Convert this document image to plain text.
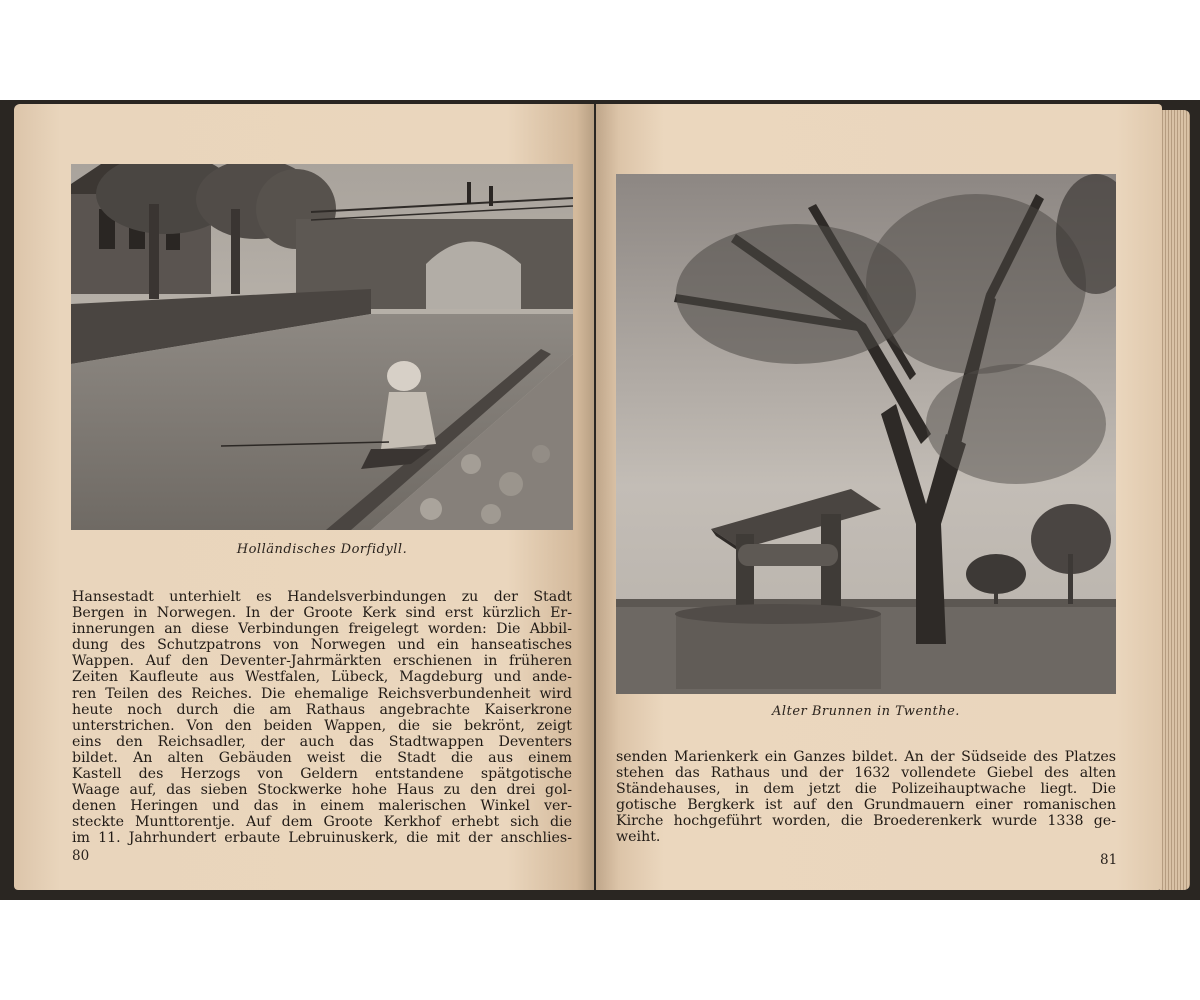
Holländisches Dorfidyll.
Hansestadt unterhielt es Handelsverbindungen zu der Stadt
Bergen in Norwegen. In der Groote Kerk sind erst kürzlich Er-
innerungen an diese Verbindungen freigelegt worden: Die Abbil-
dung des Schutzpatrons von Norwegen und ein hanseatisches
Wappen. Auf den Deventer-Jahrmärkten erschienen in früheren
Zeiten Kaufleute aus Westfalen, Lübeck, Magdeburg und ande-
ren Teilen des Reiches. Die ehemalige Reichsverbundenheit wird
heute noch durch die am Rathaus angebrachte Kaiserkrone
unterstrichen. Von den beiden Wappen, die sie bekrönt, zeigt
eins den Reichsadler, der auch das Stadtwappen Deventers
bildet. An alten Gebäuden weist die Stadt die aus einem
Kastell des Herzogs von Geldern entstandene spätgotische
Waage auf, das sieben Stockwerke hohe Haus zu den drei gol-
denen Heringen und das in einem malerischen Winkel ver-
steckte Munttorentje. Auf dem Groote Kerkhof erhebt sich die
im 11. Jahrhundert erbaute Lebruinuskerk, die mit der anschlies-
80
Alter Brunnen in Twenthe.
senden Marienkerk ein Ganzes bildet. An der Südseide des Platzes
stehen das Rathaus und der 1632 vollendete Giebel des alten
Ständehauses, in dem jetzt die Polizeihauptwache liegt. Die
gotische Bergkerk ist auf den Grundmauern einer romanischen
Kirche hochgeführt worden, die Broederenkerk wurde 1338 ge-
weiht.
81
